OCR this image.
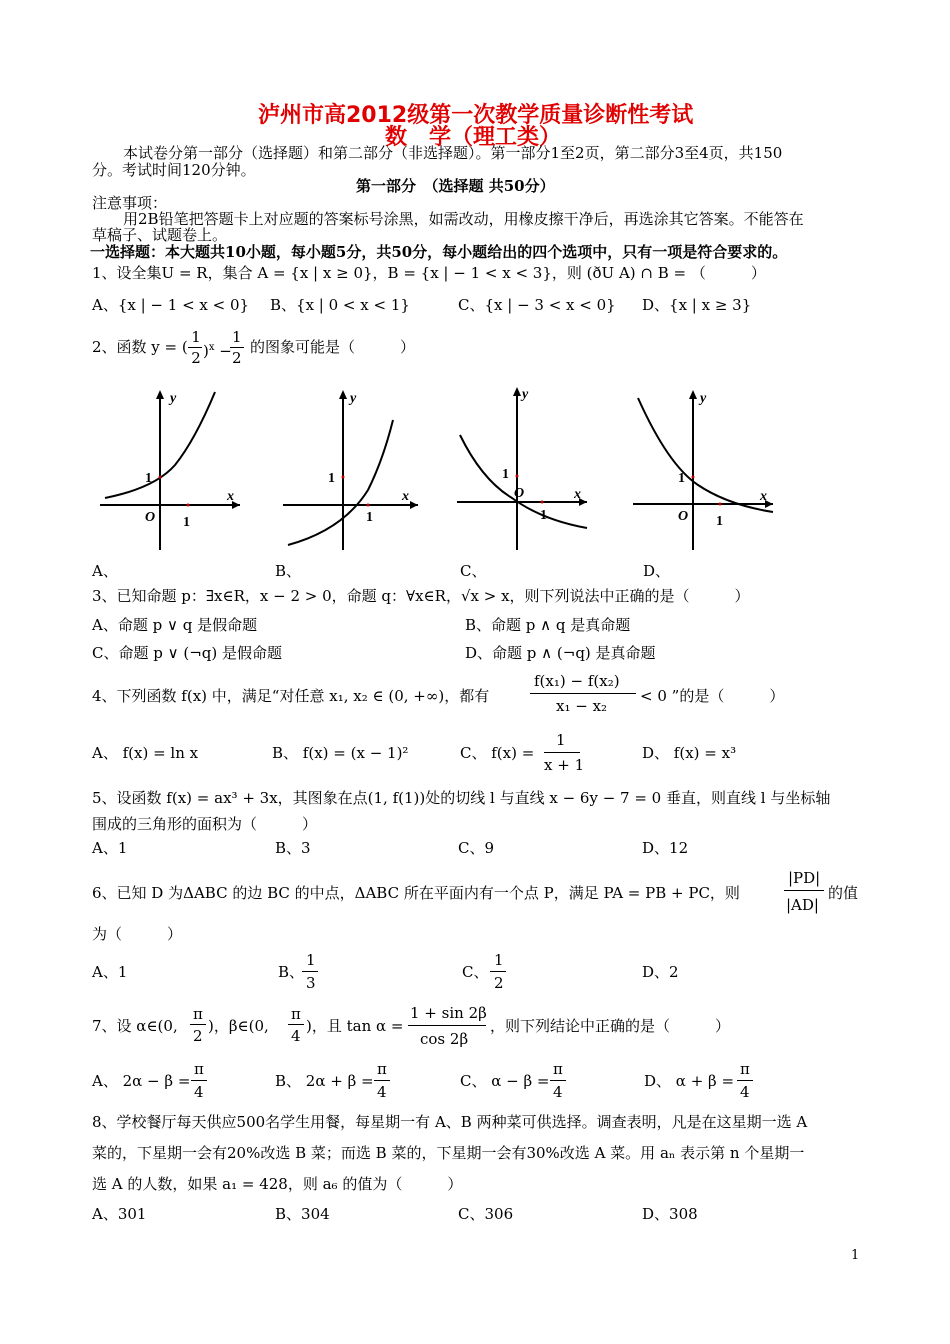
泸州市高2012级第一次教学质量诊断性考试
数　学（理工类）
本试卷分第一部分（选择题）和第二部分（非选择题）。第一部分1至2页，第二部分3至4页，共150
分。考试时间120分钟。
第一部分　（选择题 共50分）
注意事项：
用2B铅笔把答题卡上对应题的答案标号涂黑，如需改动，用橡皮擦干净后，再选涂其它答案。不能答在
草稿子、试题卷上。
一选择题：本大题共10小题，每小题5分，共50分，每小题给出的四个选项中，只有一项是符合要求的。
1、设全集U = R，集合 A = {x | x ≥ 0}，B = {x | − 1 < x < 3}，则 (ðU A) ∩ B = （　　　）
A、{x | − 1 < x < 0} B、{x | 0 < x < 1}	C、{x | − 3 < x < 0} D、{x | x ≥ 3}
2、函数 y = (
1
2 )$^x$ −
1
2
的图象可能是（　　　）
y
x
1
1
O
y
x
1
1
y
x
1
1
O
y
x
1
1
O
A、	B、	C、	D、
3、已知命题 p：∃x∈R，x − 2 > 0，命题 q：∀x∈R，√x > x，则下列说法中正确的是（　　　）
A、命题 p ∨ q 是假命题	B、命题 p ∧ q 是真命题
C、命题 p ∨ (¬q) 是假命题	D、命题 p ∧ (¬q) 是真命题
4、下列函数 f(x) 中，满足“对任意 x₁, x₂ ∈ (0, +∞)，都有
f(x₁) − f(x₂)
x₁ − x₂
< 0 ”的是（　　　）
A、 f(x) = ln x	B、 f(x) = (x − 1)²	C、 f(x) =
1
x + 1
D、 f(x) = x³
5、设函数 f(x) = ax³ + 3x，其图象在点(1, f(1))处的切线 l 与直线 x − 6y − 7 = 0 垂直，则直线 l 与坐标轴
围成的三角形的面积为（　　　）
A、1	B、3	C、9	D、12
6、已知 D 为ΔABC 的边 BC 的中点，ΔABC 所在平面内有一个点 P，满足 PA = PB + PC，则
|PD|
|AD|
的值
为（　　　）
A、1	B、
1
3
C、
1
2
D、2
7、设 α∈(0,
π
2
)，β∈(0,
π
4
)，且 tan α =
1 + sin 2β
cos 2β
，则下列结论中正确的是（　　　）
A、 2α − β =
π
4
B、 2α + β =
π
4
C、 α − β =
π
4
D、 α + β =
π
4
8、学校餐厅每天供应500名学生用餐，每星期一有 A、B 两种菜可供选择。调查表明，凡是在这星期一选 A
菜的，下星期一会有20%改选 B 菜；而选 B 菜的，下星期一会有30%改选 A 菜。用 aₙ 表示第 n 个星期一
选 A 的人数，如果 a₁ = 428，则 a₆ 的值为（　　　）
A、301	B、304	C、306	D、308
1
